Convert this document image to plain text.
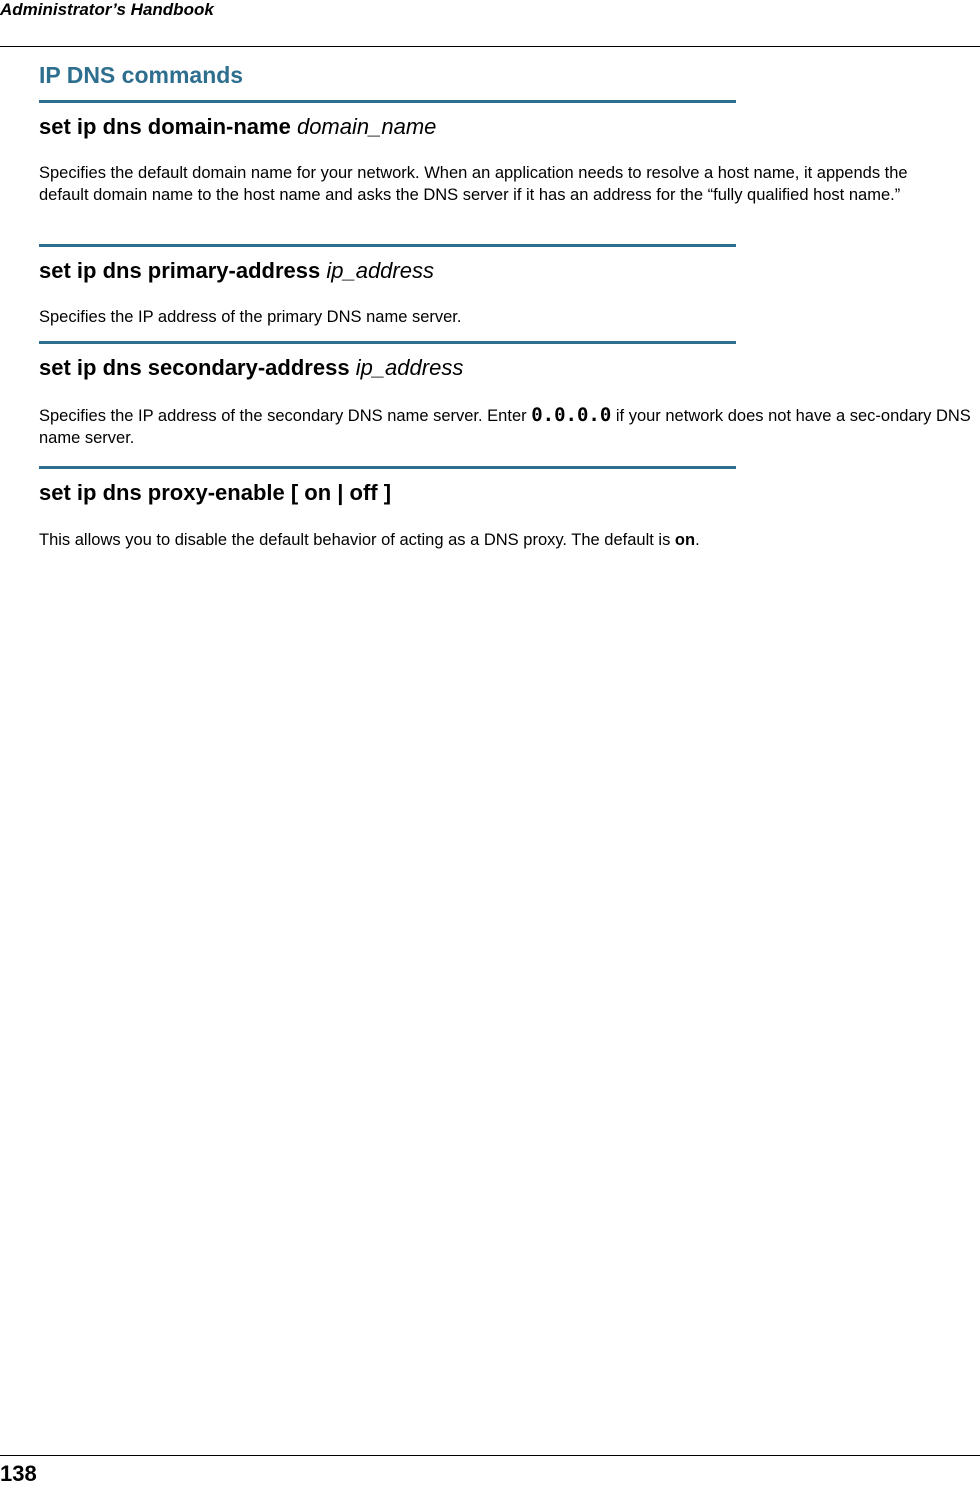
Administrator’s Handbook
IP DNS commands
set ip dns domain-name domain_name

Specifies the default domain name for your network. When an application needs to resolve a host name, it appends the default domain name to the host name and asks the DNS server if it has an address for the “fully qualified host name.”

set ip dns primary-address ip_address

Specifies the IP address of the primary DNS name server.

set ip dns secondary-address ip_address

Specifies the IP address of the secondary DNS name server. Enter 0.0.0.0 if your network does not have a sec-ondary DNS name server.

set ip dns proxy-enable [ on | off ]

This allows you to disable the default behavior of acting as a DNS proxy. The default is on.

138
